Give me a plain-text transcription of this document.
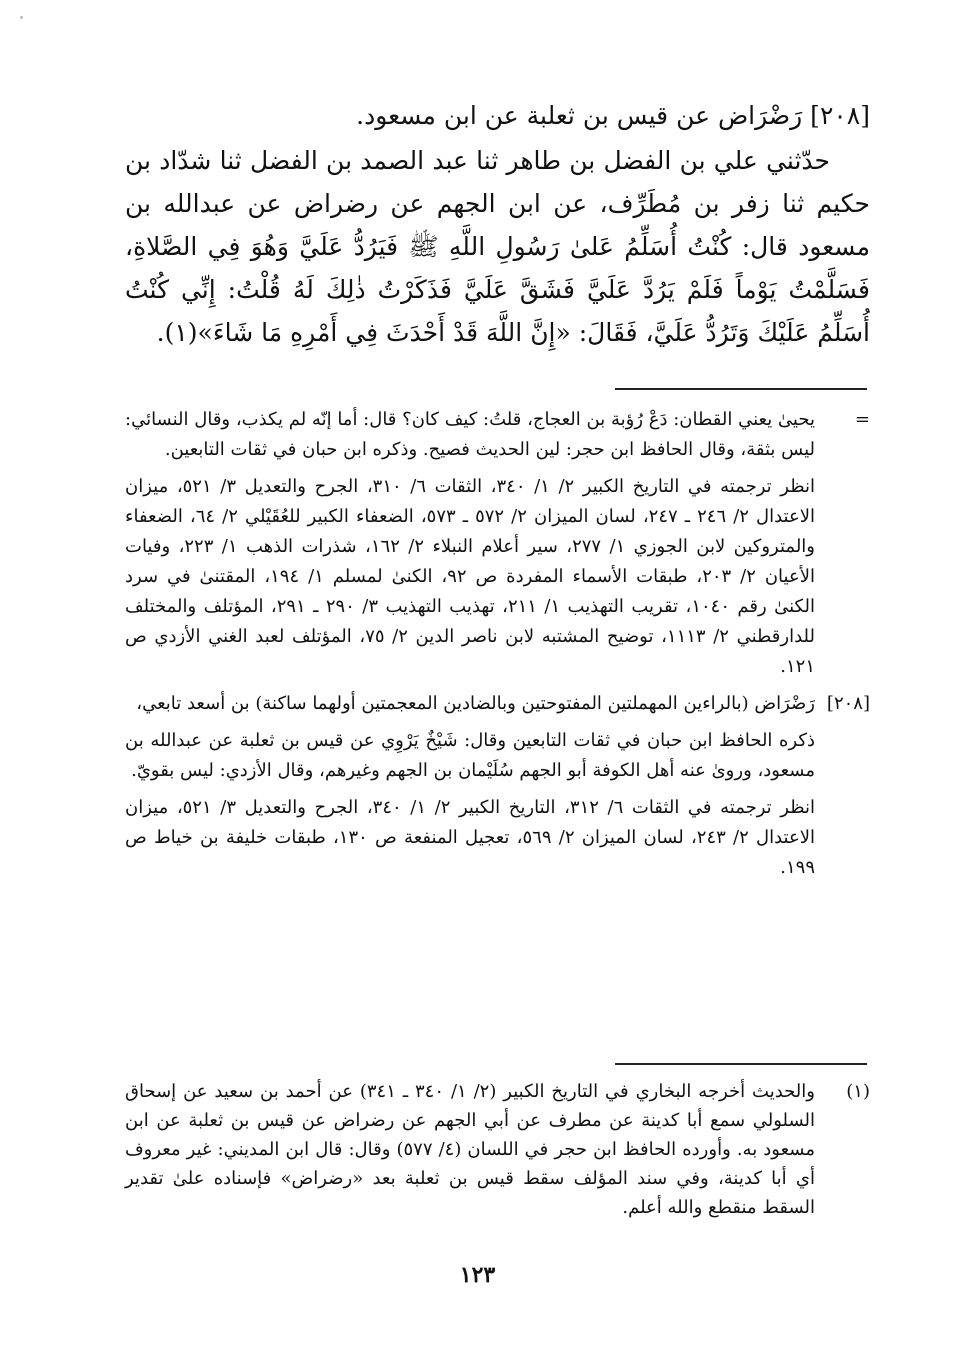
[٢٠٨] رَضْرَاض عن قيس بن ثعلبة عن ابن مسعود.

حدّثني علي بن الفضل بن طاهر ثنا عبد الصمد بن الفضل ثنا شدّاد بن حكيم ثنا زفر بن مُطَرِّف، عن ابن الجهم عن رضراض عن عبدالله بن مسعود قال: كُنْتُ أُسَلِّمُ عَلىٰ رَسُولِ اللَّهِ ﷺ فَيَرُدُّ عَلَيَّ وَهُوَ فِي الصَّلاةِ، فَسَلَّمْتُ يَوْماً فَلَمْ يَرُدَّ عَلَيَّ فَشَقَّ عَلَيَّ فَذَكَرْتُ ذٰلِكَ لَهُ قُلْتُ: إِنِّي كُنْتُ أُسَلِّمُ عَلَيْكَ وَتَرُدُّ عَلَيَّ، فَقَالَ: «إِنَّ اللَّهَ قَدْ أَحْدَثَ فِي أَمْرِهِ مَا شَاءَ»(١).

=
يحيىٰ يعني القطان: دَعْ رُؤبة بن العجاج، قلتُ: كيف كان؟ قال: أما إنّه لم يكذب، وقال النسائي: ليس بثقة، وقال الحافظ ابن حجر: لين الحديث فصيح. وذكره ابن حبان في ثقات التابعين.
انظر ترجمته في التاريخ الكبير ٢/ ١/ ٣٤٠، الثقات ٦/ ٣١٠، الجرح والتعديل ٣/ ٥٢١، ميزان الاعتدال ٢/ ٢٤٦ ـ ٢٤٧، لسان الميزان ٢/ ٥٧٢ ـ ٥٧٣، الضعفاء الكبير للعُقَيْلي ٢/ ٦٤، الضعفاء والمتروكين لابن الجوزي ١/ ٢٧٧، سير أعلام النبلاء ٢/ ١٦٢، شذرات الذهب ١/ ٢٢٣، وفيات الأعيان ٢/ ٢٠٣، طبقات الأسماء المفردة ص ٩٢، الكنىٰ لمسلم ١/ ١٩٤، المقتنىٰ في سرد الكنىٰ رقم ١٠٤٠، تقريب التهذيب ١/ ٢١١، تهذيب التهذيب ٣/ ٢٩٠ ـ ٢٩١، المؤتلف والمختلف للدارقطني ٢/ ١١١٣، توضيح المشتبه لابن ناصر الدين ٢/ ٧٥، المؤتلف لعبد الغني الأزدي ص ١٢١.
[٢٠٨]
رَضْرَاض (بالراءين المهملتين المفتوحتين وبالضادين المعجمتين أولهما ساكنة) بن أسعد تابعي،
ذكره الحافظ ابن حبان في ثقات التابعين وقال: شَيْخٌ يَرْوِي عن قيس بن ثعلبة عن عبدالله بن مسعود، وروىٰ عنه أهل الكوفة أبو الجهم سُلَيْمان بن الجهم وغيرهم، وقال الأزدي: ليس بقويّ.
انظر ترجمته في الثقات ٦/ ٣١٢، التاريخ الكبير ٢/ ١/ ٣٤٠، الجرح والتعديل ٣/ ٥٢١، ميزان الاعتدال ٢/ ٢٤٣، لسان الميزان ٢/ ٥٦٩، تعجيل المنفعة ص ١٣٠، طبقات خليفة بن خياط ص ١٩٩.
(١)
والحديث أخرجه البخاري في التاريخ الكبير (٢/ ١/ ٣٤٠ ـ ٣٤١) عن أحمد بن سعيد عن إسحاق السلولي سمع أبا كدينة عن مطرف عن أبي الجهم عن رضراض عن قيس بن ثعلبة عن ابن مسعود به. وأورده الحافظ ابن حجر في اللسان (٤/ ٥٧٧) وقال: قال ابن المديني: غير معروف أي أبا كدينة، وفي سند المؤلف سقط قيس بن ثعلبة بعد «رضراض» فإسناده علىٰ تقدير السقط منقطع والله أعلم.
١٢٣
